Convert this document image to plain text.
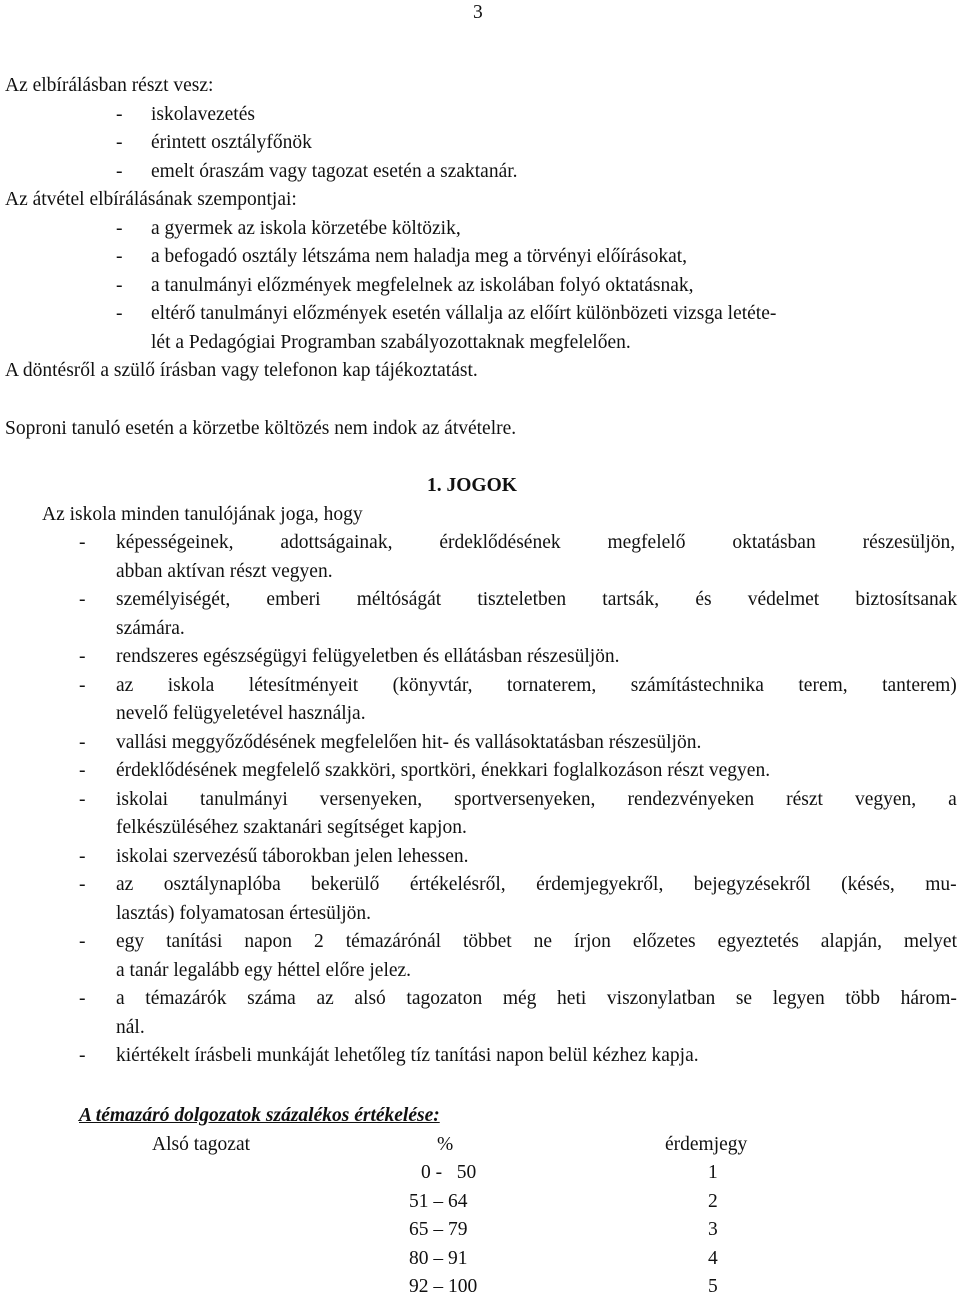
3
Az elbírálásban részt vesz:
- iskolavezetés
- érintett osztályfőnök
- emelt óraszám vagy tagozat esetén a szaktanár.
Az átvétel elbírálásának szempontjai:
- a gyermek az iskola körzetébe költözik,
- a befogadó osztály létszáma nem haladja meg a törvényi előírásokat,
- a tanulmányi előzmények megfelelnek az iskolában folyó oktatásnak,
- eltérő tanulmányi előzmények esetén vállalja az előírt különbözeti vizsga letéte-
lét a Pedagógiai Programban szabályozottaknak megfelelően.
A döntésről a szülő írásban vagy telefonon kap tájékoztatást.
Soproni tanuló esetén a körzetbe költözés nem indok az átvételre.
1. JOGOK
Az iskola minden tanulójának joga, hogy
- képességeinek, adottságainak, érdeklődésének megfelelő oktatásban részesüljön,
abban aktívan részt vegyen.
- személyiségét, emberi méltóságát tiszteletben tartsák, és védelmet biztosítsanak
számára.
- rendszeres egészségügyi felügyeletben és ellátásban részesüljön.
- az iskola létesítményeit (könyvtár, tornaterem, számítástechnika terem, tanterem)
nevelő felügyeletével használja.
- vallási meggyőződésének megfelelően hit- és vallásoktatásban részesüljön.
- érdeklődésének megfelelő szakköri, sportköri, énekkari foglalkozáson részt vegyen.
- iskolai tanulmányi versenyeken, sportversenyeken, rendezvényeken részt vegyen, a
felkészüléséhez szaktanári segítséget kapjon.
- iskolai szervezésű táborokban jelen lehessen.
- az osztálynaplóba bekerülő értékelésről, érdemjegyekről, bejegyzésekről (késés, mu-
lasztás) folyamatosan értesüljön.
- egy tanítási napon 2 témazárónál többet ne írjon előzetes egyeztetés alapján, melyet
a tanár legalább egy héttel előre jelez.
- a témazárók száma az alsó tagozaton még heti viszonylatban se legyen több három-
nál.
- kiértékelt írásbeli munkáját lehetőleg tíz tanítási napon belül kézhez kapja.
A témazáró dolgozatok százalékos értékelése:
Alsó tagozat	%	érdemjegy
0 -   50	1
51 – 64	2
65 – 79	3
80 – 91	4
92 – 100	5
